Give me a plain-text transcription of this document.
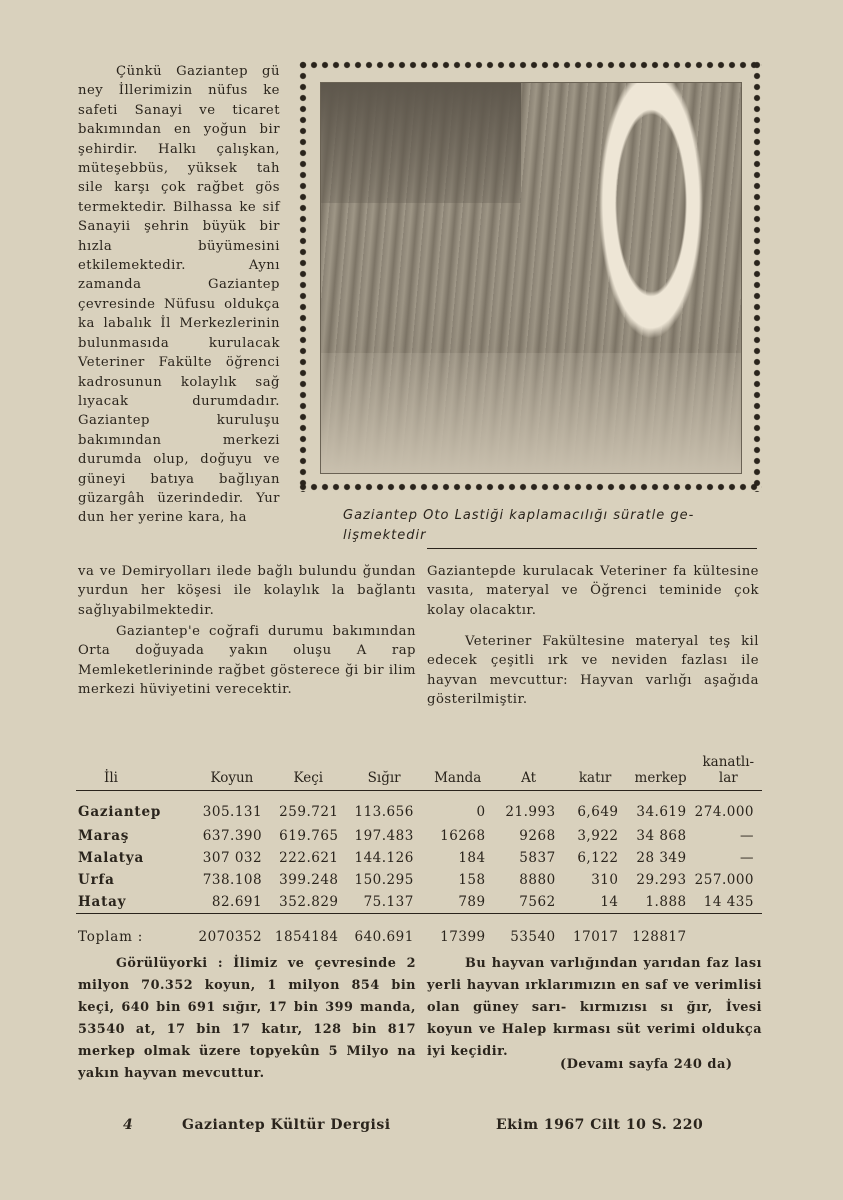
Çünkü Gaziantep gü ney İllerimizin nüfus ke safeti Sanayi ve ticaret bakımından en yoğun bir şehirdir. Halkı çalışkan, müteşebbüs, yüksek tah sile karşı çok rağbet gös termektedir. Bilhassa ke sif Sanayii şehrin büyük bir hızla büyümesini etkilemektedir. Aynı zamanda Gaziantep çevresinde Nüfusu oldukça ka labalık İl Merkezlerinin bulunmasıda kurulacak Veteriner Fakülte öğrenci kadrosunun kolaylık sağ lıyacak durumdadır. Gaziantep kuruluşu bakımından merkezi durumda olup, doğuyu ve güneyi batıya bağlıyan güzargâh üzerindedir. Yur dun her yerine kara, ha	Gaziantep Oto Lastiği kaplamacılığı süratle ge- lişmektedir

va ve Demiryolları ilede bağlı bulundu ğundan yurdun her köşesi ile kolaylık la bağlantı sağlıyabilmektedir.

Gaziantep'e coğrafi durumu bakımından Orta doğuyada yakın oluşu A rap Memleketlerininde rağbet gösterece ği bir ilim merkezi hüviyetini verecektir.

Gaziantepde kurulacak Veteriner fa kültesine vasıta, materyal ve Öğrenci teminide çok kolay olacaktır.

Veteriner Fakültesine materyal teş kil edecek çeşitli ırk ve neviden fazlası ile hayvan mevcuttur: Hayvan varlığı aşağıda gösterilmiştir.

İli	Koyun	Keçi	Sığır	Manda	At	katır	merkep	kanatlı- lar
Gaziantep	305.131	259.721	113.656	0	21.993	6,649	34.619	274.000
Maraş	637.390	619.765	197.483	16268	9268	3,922	34 868	—
Malatya	307 032	222.621	144.126	184	5837	6,122	28 349	—
Urfa	738.108	399.248	150.295	158	8880	310	29.293	257.000
Hatay	82.691	352.829	75.137	789	7562	14	1.888	14 435
Toplam :	2070352	1854184	640.691	17399	53540	17017	128817	

Görülüyorki : İlimiz ve çevresinde 2 milyon 70.352 koyun, 1 milyon 854 bin keçi, 640 bin 691 sığır, 17 bin 399 manda, 53540 at, 17 bin 17 katır, 128 bin 817 merkep olmak üzere topyekûn 5 Milyo na yakın hayvan mevcuttur.

Bu hayvan varlığından yarıdan faz lası yerli hayvan ırklarımızın en saf ve verimlisi olan güney sarı- kırmızısı sı ğır, İvesi koyun ve Halep kırması süt verimi oldukça iyi keçidir.

(Devamı sayfa 240 da)

4	Gaziantep Kültür Dergisi	Ekim 1967 Cilt 10 S. 220
